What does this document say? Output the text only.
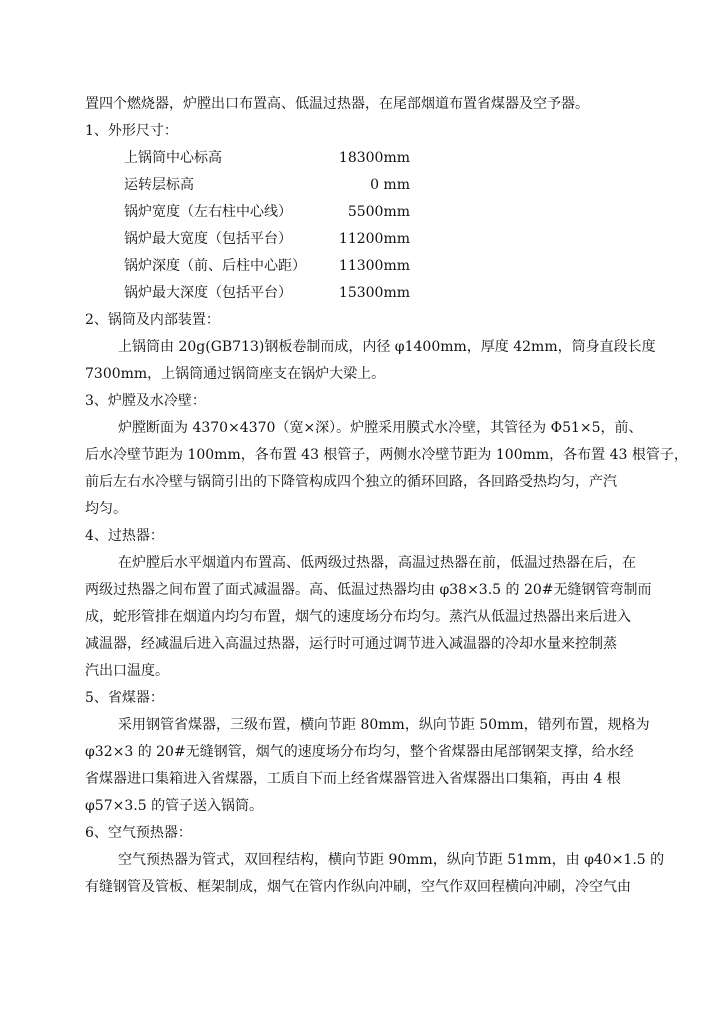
置四个燃烧器，炉膛出口布置高、低温过热器，在尾部烟道布置省煤器及空予器。
1、外形尺寸：
上锅筒中心标高	18300mm
运转层标高	0 mm
锅炉宽度（左右柱中心线）	5500mm
锅炉最大宽度（包括平台）	11200mm
锅炉深度（前、后柱中心距）	11300mm
锅炉最大深度（包括平台）	15300mm
2、锅筒及内部装置：
上锅筒由 20g(GB713)钢板卷制而成，内径 φ1400mm，厚度 42mm，筒身直段长度
7300mm，上锅筒通过锅筒座支在锅炉大梁上。
3、炉膛及水冷壁：
炉膛断面为 4370×4370（宽×深）。炉膛采用膜式水冷壁，其管径为 Φ51×5，前、
后水冷壁节距为 100mm，各布置 43 根管子，两侧水冷壁节距为 100mm，各布置 43 根管子，
前后左右水冷壁与锅筒引出的下降管构成四个独立的循环回路，各回路受热均匀，产汽
均匀。
4、过热器：
在炉膛后水平烟道内布置高、低两级过热器，高温过热器在前，低温过热器在后，在
两级过热器之间布置了面式减温器。高、低温过热器均由 φ38×3.5 的 20#无缝钢管弯制而
成，蛇形管排在烟道内均匀布置，烟气的速度场分布均匀。蒸汽从低温过热器出来后进入
减温器，经减温后进入高温过热器，运行时可通过调节进入减温器的冷却水量来控制蒸
汽出口温度。
5、省煤器：
采用钢管省煤器，三级布置，横向节距 80mm，纵向节距 50mm，错列布置，规格为
φ32×3 的 20#无缝钢管，烟气的速度场分布均匀，整个省煤器由尾部钢架支撑，给水经
省煤器进口集箱进入省煤器，工质自下而上经省煤器管进入省煤器出口集箱，再由 4 根
φ57×3.5 的管子送入锅筒。
6、空气预热器：
空气预热器为管式，双回程结构，横向节距 90mm，纵向节距 51mm，由 φ40×1.5 的
有缝钢管及管板、框架制成，烟气在管内作纵向冲刷，空气作双回程横向冲刷，冷空气由
